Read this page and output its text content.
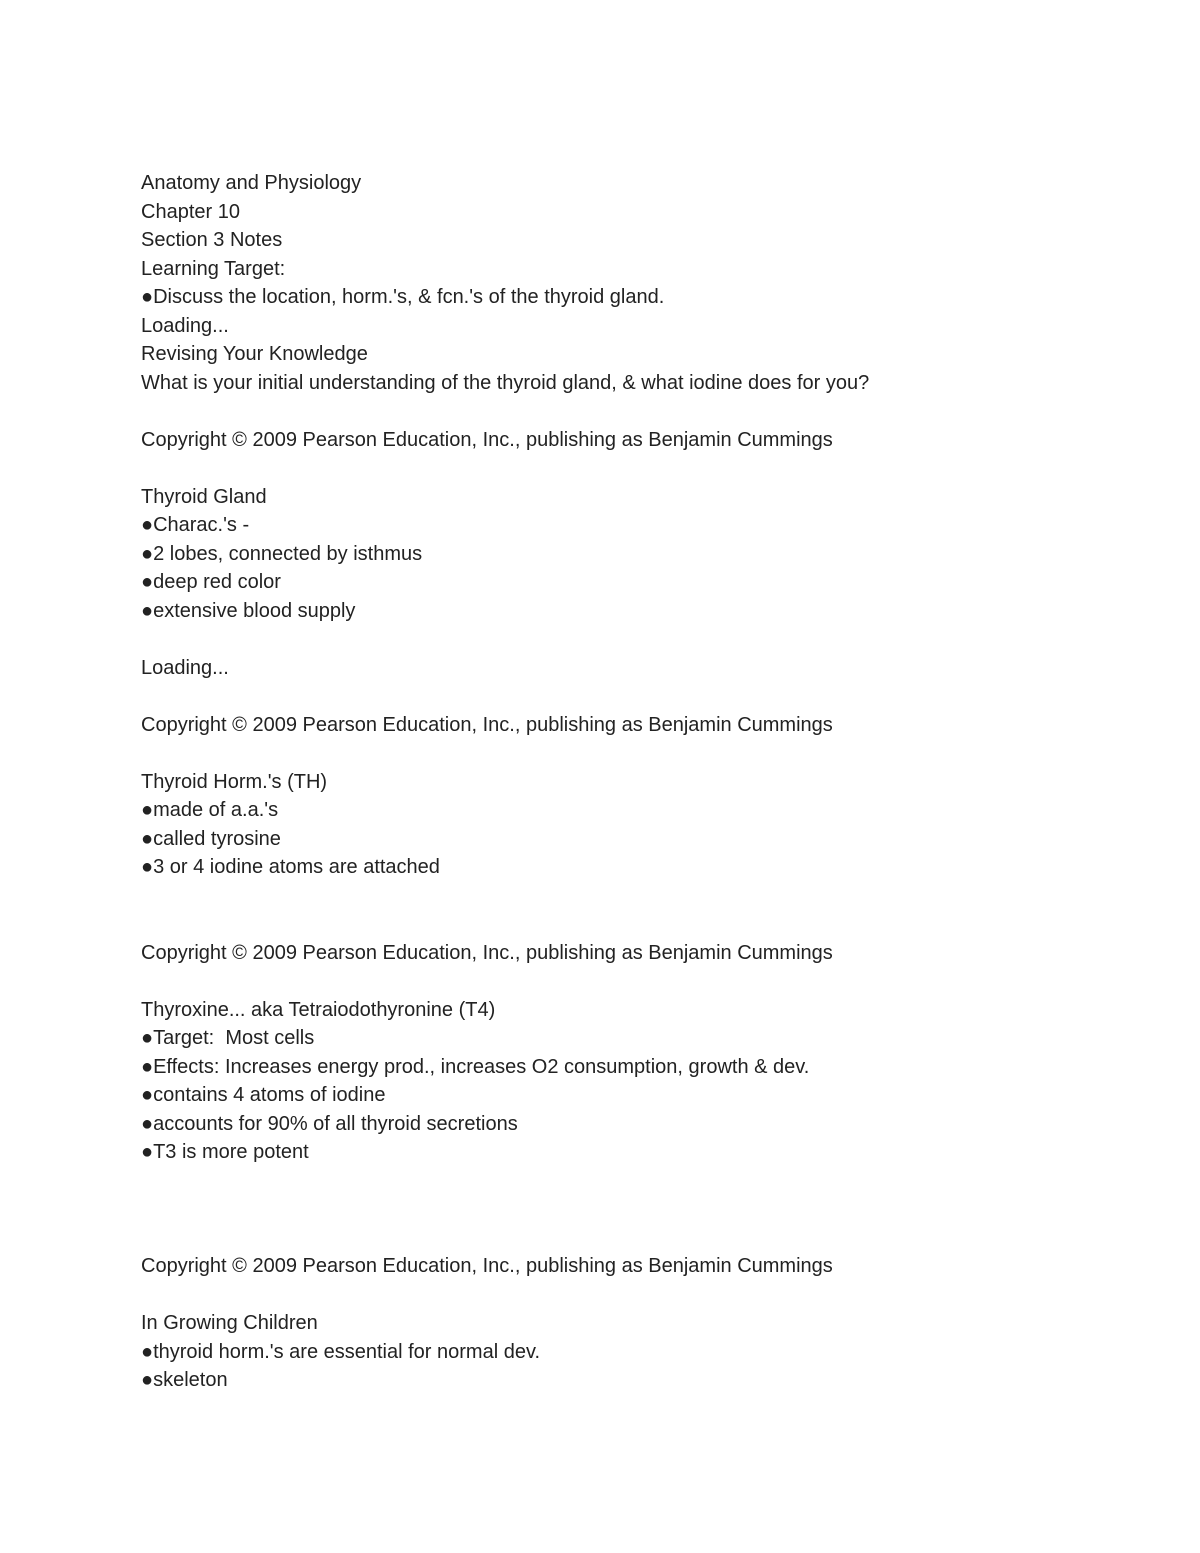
Anatomy and Physiology

Chapter 10

Section 3 Notes

Learning Target:

●Discuss the location, horm.'s, & fcn.'s of the thyroid gland.

Loading...

Revising Your Knowledge

What is your initial understanding of the thyroid gland, & what iodine does for you?

Copyright © 2009 Pearson Education, Inc., publishing as Benjamin Cummings

Thyroid Gland

●Charac.'s -

●2 lobes, connected by isthmus

●deep red color

●extensive blood supply

Loading...

Copyright © 2009 Pearson Education, Inc., publishing as Benjamin Cummings

Thyroid Horm.'s (TH)

●made of a.a.'s

●called tyrosine

●3 or 4 iodine atoms are attached

Copyright © 2009 Pearson Education, Inc., publishing as Benjamin Cummings

Thyroxine... aka Tetraiodothyronine (T4)

●Target:  Most cells

●Effects: Increases energy prod., increases O2 consumption, growth & dev.

●contains 4 atoms of iodine

●accounts for 90% of all thyroid secretions

●T3 is more potent

Copyright © 2009 Pearson Education, Inc., publishing as Benjamin Cummings

In Growing Children

●thyroid horm.'s are essential for normal dev.

●skeleton
